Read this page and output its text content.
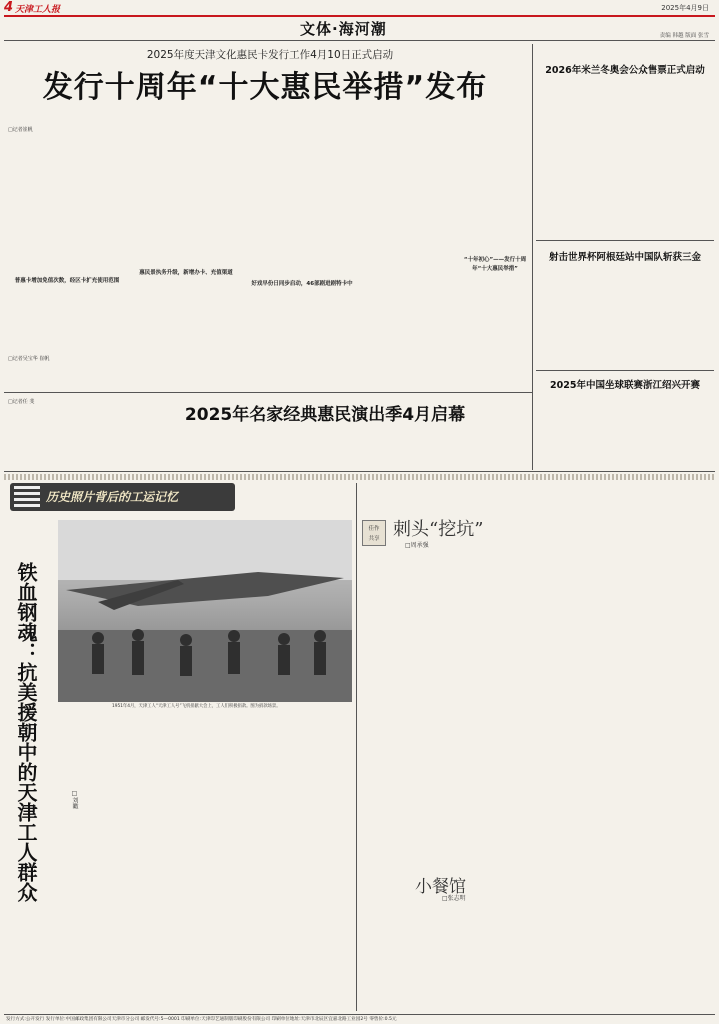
4 天津工人报	2025年4月9日
文体·海河潮	责编 韩越 版面 张雪
2025年度天津文化惠民卡发行工作4月10日正式启动
发行十周年“十大惠民举措”发布
□记者崔帆
普惠卡增加免值次数，经区卡扩充使用范围
□记者吴宝华 崔帆
惠民景执务升级，新增办卡、充值渠道
好戏早份日同步启动，46部剧进剧特卡中
“十年初心”——发行十周年“十大惠民举措”
2026年米兰冬奥会公众售票正式启动
射击世界杯阿根廷站中国队斩获三金
2025年中国坐球联赛浙江绍兴开赛
□记者任 斐
2025年名家经典惠民演出季4月启幕
历史照片背后的工运记忆
铁血钢魂：抗美援朝中的天津工人群众	□刘瞰
1951年4月，天津工人“天津工人号”飞机捐献大会上，工人们积极捐款。图为捐款场景。
佳作
共享 刺头“挖坑”
□周承强
小餐馆
□张志明
发行方式:公开发行 发行单位:中国邮政集团有限公司天津市分公司 邮发代号:5—0001 印刷单位:天津印艺通制版印刷股份有限公司 印刷单位地址:天津市北辰区宜嘉北路工业园2号 零售价:0.5元
